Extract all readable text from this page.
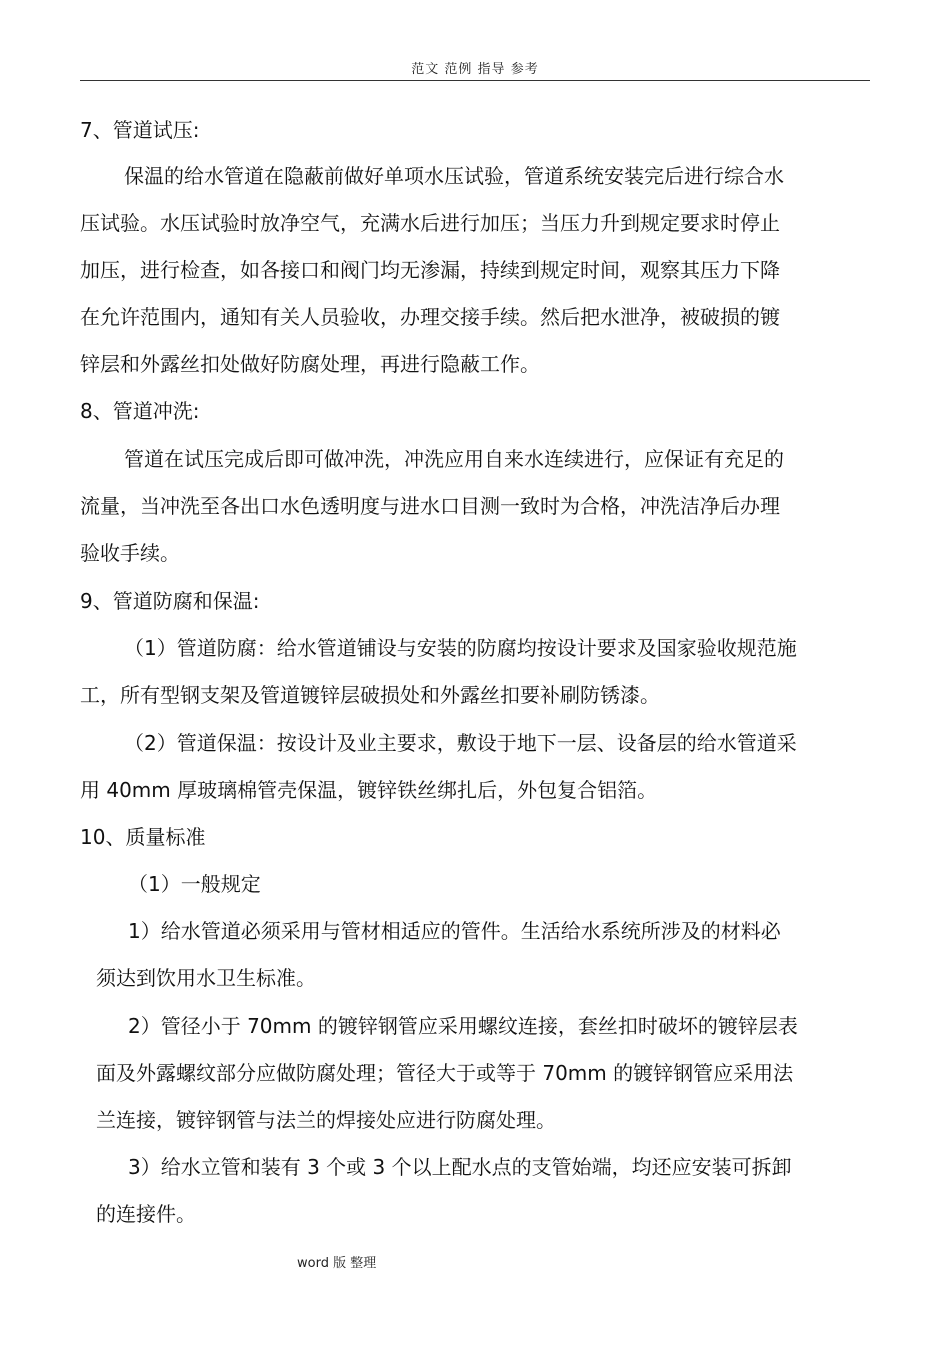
范文 范例 指导 参考
7、管道试压:
保温的给水管道在隐蔽前做好单项水压试验，管道系统安装完后进行综合水
压试验。水压试验时放净空气，充满水后进行加压；当压力升到规定要求时停止
加压，进行检查，如各接口和阀门均无渗漏，持续到规定时间，观察其压力下降
在允许范围内，通知有关人员验收，办理交接手续。然后把水泄净，被破损的镀
锌层和外露丝扣处做好防腐处理，再进行隐蔽工作。
8、管道冲洗:
管道在试压完成后即可做冲洗，冲洗应用自来水连续进行，应保证有充足的
流量，当冲洗至各出口水色透明度与进水口目测一致时为合格，冲洗洁净后办理
验收手续。
9、管道防腐和保温:
（1）管道防腐：给水管道铺设与安装的防腐均按设计要求及国家验收规范施
工，所有型钢支架及管道镀锌层破损处和外露丝扣要补刷防锈漆。
（2）管道保温：按设计及业主要求，敷设于地下一层、设备层的给水管道采
用 40mm 厚玻璃棉管壳保温，镀锌铁丝绑扎后，外包复合铝箔。
10、质量标准
（1）一般规定
1）给水管道必须采用与管材相适应的管件。生活给水系统所涉及的材料必
须达到饮用水卫生标准。
2）管径小于 70mm 的镀锌钢管应采用螺纹连接，套丝扣时破坏的镀锌层表
面及外露螺纹部分应做防腐处理；管径大于或等于 70mm 的镀锌钢管应采用法
兰连接，镀锌钢管与法兰的焊接处应进行防腐处理。
3）给水立管和装有 3 个或 3 个以上配水点的支管始端，均还应安装可拆卸
的连接件。
word 版 整理
